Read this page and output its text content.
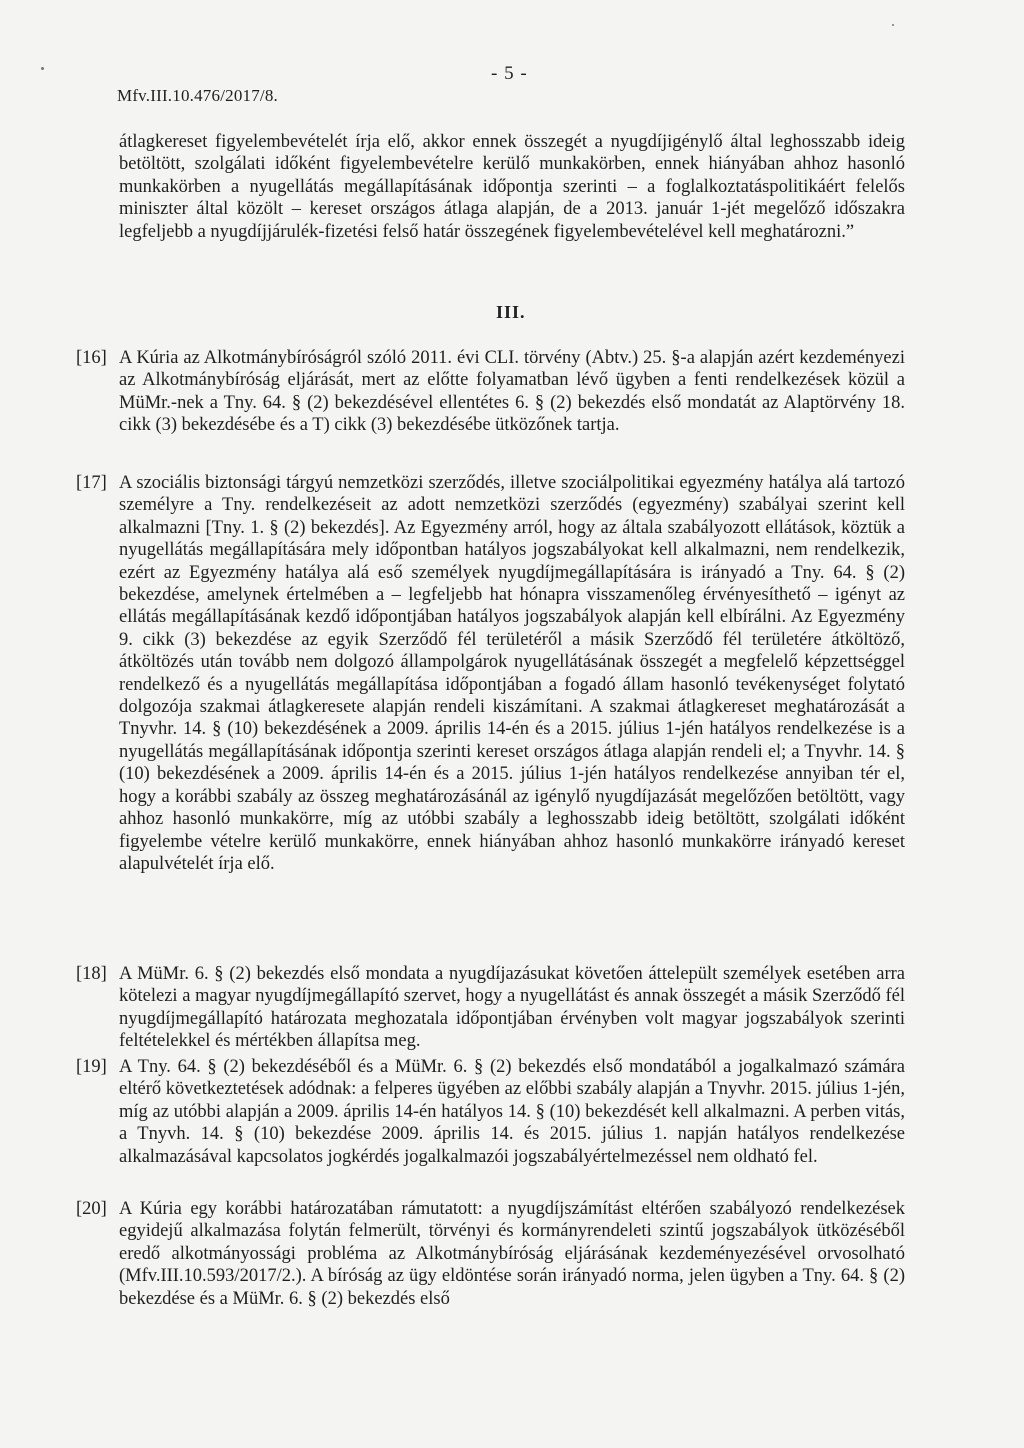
- 5 -
Mfv.III.10.476/2017/8.
átlagkereset figyelembevételét írja elő, akkor ennek összegét a nyugdíjigénylő által leghosszabb ideig betöltött, szolgálati időként figyelembevételre kerülő munkakörben, ennek hiányában ahhoz hasonló munkakörben a nyugellátás megállapításának időpontja szerinti – a foglalkoztatáspolitikáért felelős miniszter által közölt – kereset országos átlaga alapján, de a 2013. január 1-jét megelőző időszakra legfeljebb a nyugdíjjárulék-fizetési felső határ összegének figyelembevételével kell meghatározni.”
III.
[16] A Kúria az Alkotmánybíróságról szóló 2011. évi CLI. törvény (Abtv.) 25. §-a alapján azért kezdeményezi az Alkotmánybíróság eljárását, mert az előtte folyamatban lévő ügyben a fenti rendelkezések közül a MüMr.-nek a Tny. 64. § (2) bekezdésével ellentétes 6. § (2) bekezdés első mondatát az Alaptörvény 18. cikk (3) bekezdésébe és a T) cikk (3) bekezdésébe ütközőnek tartja.
[17] A szociális biztonsági tárgyú nemzetközi szerződés, illetve szociálpolitikai egyezmény hatálya alá tartozó személyre a Tny. rendelkezéseit az adott nemzetközi szerződés (egyezmény) szabályai szerint kell alkalmazni [Tny. 1. § (2) bekezdés]. Az Egyezmény arról, hogy az általa szabályozott ellátások, köztük a nyugellátás megállapítására mely időpontban hatályos jogszabályokat kell alkalmazni, nem rendelkezik, ezért az Egyezmény hatálya alá eső személyek nyugdíjmegállapítására is irányadó a Tny. 64. § (2) bekezdése, amelynek értelmében a – legfeljebb hat hónapra visszamenőleg érvényesíthető – igényt az ellátás megállapításának kezdő időpontjában hatályos jogszabályok alapján kell elbírálni. Az Egyezmény 9. cikk (3) bekezdése az egyik Szerződő fél területéről a másik Szerződő fél területére átköltöző, átköltözés után tovább nem dolgozó állampolgárok nyugellátásának összegét a megfelelő képzettséggel rendelkező és a nyugellátás megállapítása időpontjában a fogadó állam hasonló tevékenységet folytató dolgozója szakmai átlagkeresete alapján rendeli kiszámítani. A szakmai átlagkereset meghatározását a Tnyvhr. 14. § (10) bekezdésének a 2009. április 14-én és a 2015. július 1-jén hatályos rendelkezése is a nyugellátás megállapításának időpontja szerinti kereset országos átlaga alapján rendeli el; a Tnyvhr. 14. § (10) bekezdésének a 2009. április 14-én és a 2015. július 1-jén hatályos rendelkezése annyiban tér el, hogy a korábbi szabály az összeg meghatározásánál az igénylő nyugdíjazását megelőzően betöltött, vagy ahhoz hasonló munkakörre, míg az utóbbi szabály a leghosszabb ideig betöltött, szolgálati időként figyelembe vételre kerülő munkakörre, ennek hiányában ahhoz hasonló munkakörre irányadó kereset alapulvételét írja elő.
[18] A MüMr. 6. § (2) bekezdés első mondata a nyugdíjazásukat követően áttelepült személyek esetében arra kötelezi a magyar nyugdíjmegállapító szervet, hogy a nyugellátást és annak összegét a másik Szerződő fél nyugdíjmegállapító határozata meghozatala időpontjában érvényben volt magyar jogszabályok szerinti feltételekkel és mértékben állapítsa meg.
[19] A Tny. 64. § (2) bekezdéséből és a MüMr. 6. § (2) bekezdés első mondatából a jogalkalmazó számára eltérő következtetések adódnak: a felperes ügyében az előbbi szabály alapján a Tnyvhr. 2015. július 1-jén, míg az utóbbi alapján a 2009. április 14-én hatályos 14. § (10) bekezdését kell alkalmazni. A perben vitás, a Tnyvh. 14. § (10) bekezdése 2009. április 14. és 2015. július 1. napján hatályos rendelkezése alkalmazásával kapcsolatos jogkérdés jogalkalmazói jogszabályértelmezéssel nem oldható fel.
[20] A Kúria egy korábbi határozatában rámutatott: a nyugdíjszámítást eltérően szabályozó rendelkezések egyidejű alkalmazása folytán felmerült, törvényi és kormányrendeleti szintű jogszabályok ütközéséből eredő alkotmányossági probléma az Alkotmánybíróság eljárásának kezdeményezésével orvosolható (Mfv.III.10.593/2017/2.). A bíróság az ügy eldöntése során irányadó norma, jelen ügyben a Tny. 64. § (2) bekezdése és a MüMr. 6. § (2) bekezdés első
